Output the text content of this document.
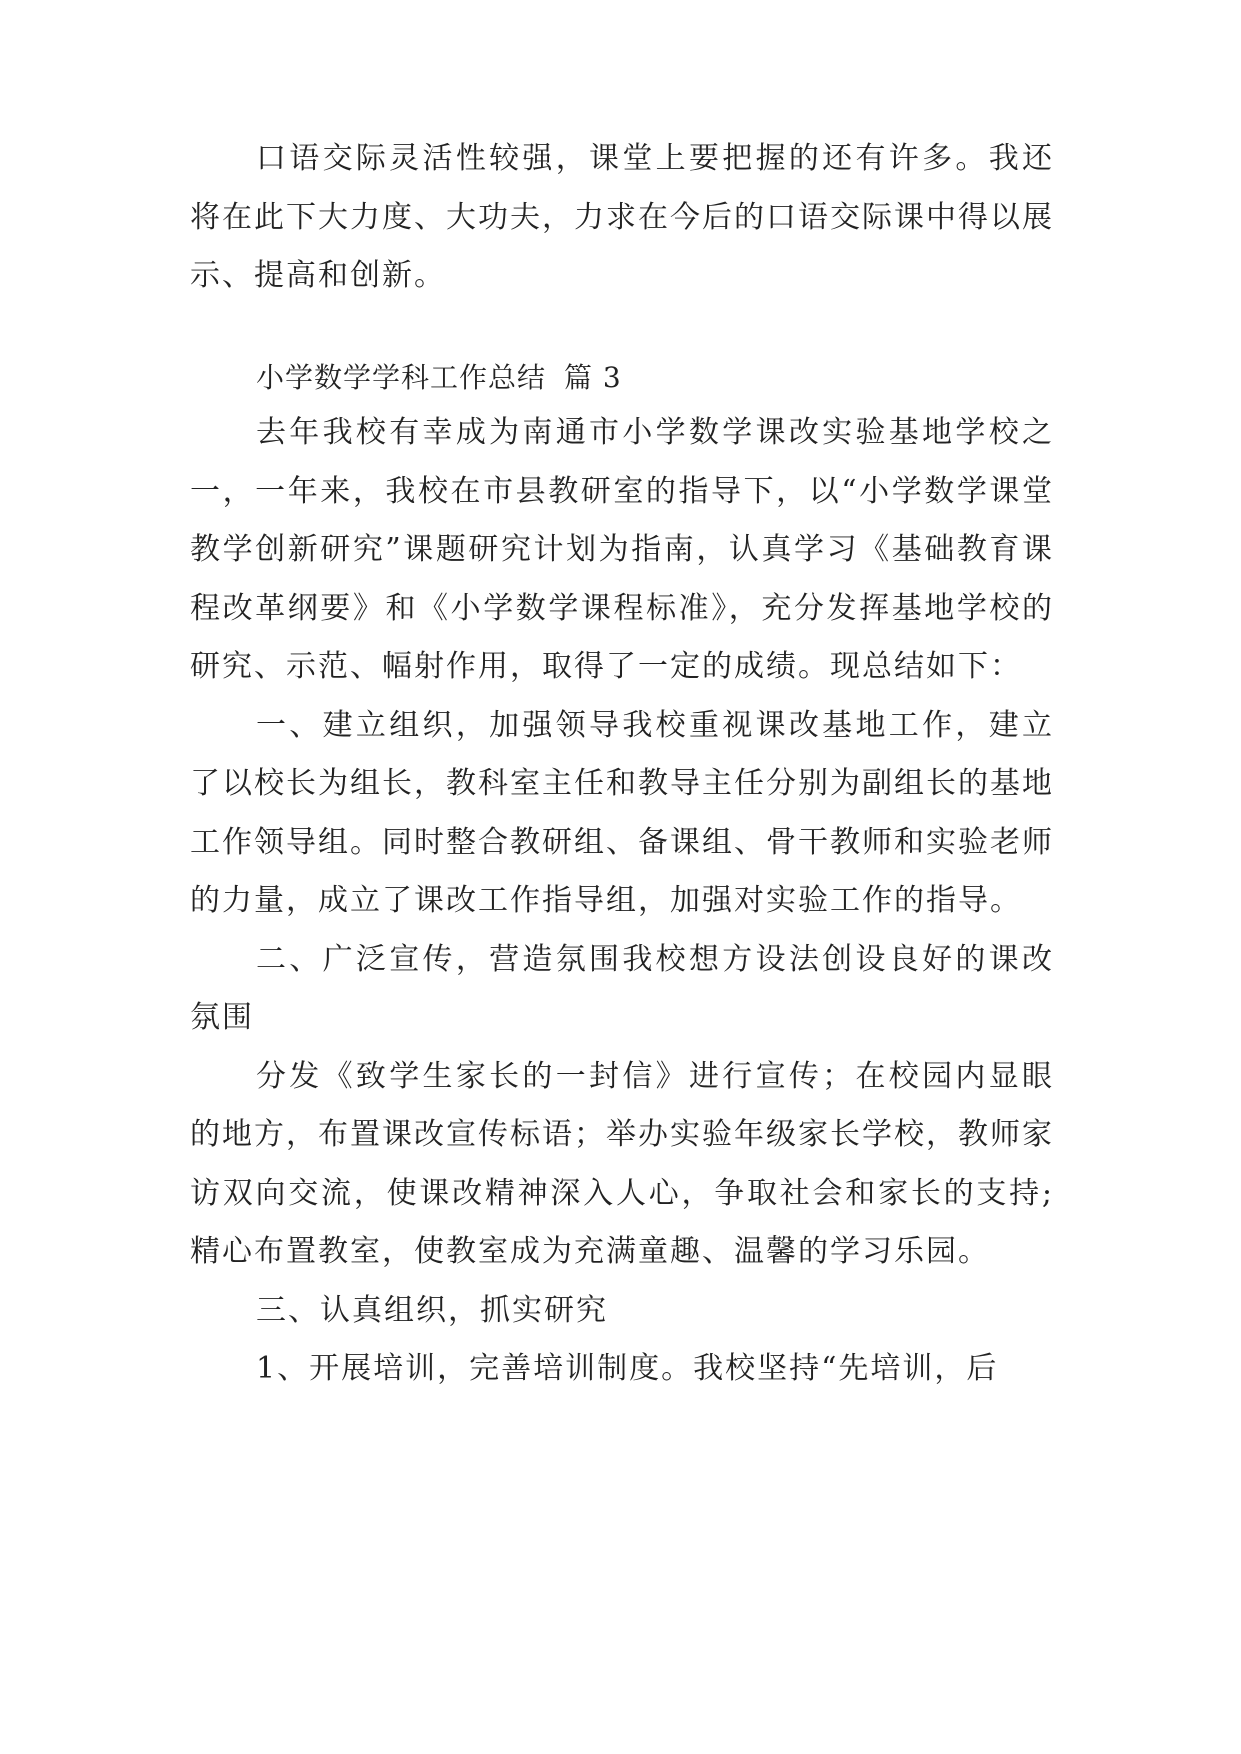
口语交际灵活性较强，课堂上要把握的还有许多。我还将在此下大力度、大功夫，力求在今后的口语交际课中得以展示、提高和创新。

小学数学学科工作总结 篇 3

去年我校有幸成为南通市小学数学课改实验基地学校之一，一年来，我校在市县教研室的指导下，以“小学数学课堂教学创新研究”课题研究计划为指南，认真学习《基础教育课程改革纲要》和《小学数学课程标准》，充分发挥基地学校的研究、示范、幅射作用，取得了一定的成绩。现总结如下：

一、建立组织，加强领导我校重视课改基地工作，建立了以校长为组长，教科室主任和教导主任分别为副组长的基地工作领导组。同时整合教研组、备课组、骨干教师和实验老师的力量，成立了课改工作指导组，加强对实验工作的指导。

二、广泛宣传，营造氛围我校想方设法创设良好的课改氛围

分发《致学生家长的一封信》进行宣传；在校园内显眼的地方，布置课改宣传标语；举办实验年级家长学校，教师家访双向交流，使课改精神深入人心，争取社会和家长的支持;精心布置教室，使教室成为充满童趣、温馨的学习乐园。

三、认真组织，抓实研究

1、开展培训，完善培训制度。我校坚持“先培训，后
